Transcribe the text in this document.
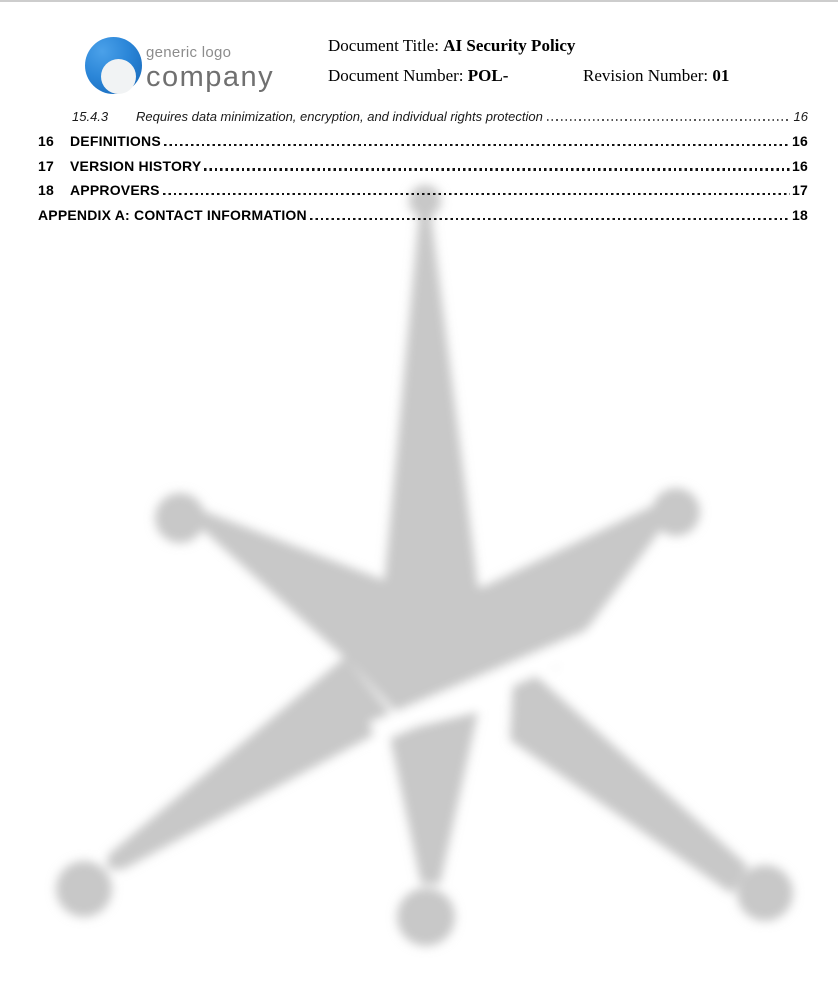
generic logo
company
Document Title: AI Security Policy
Document Number: POL-	Revision Number: 01
15.4.3	Requires data minimization, encryption, and individual rights protection	16
16	DEFINITIONS	16
17	VERSION HISTORY	16
18	APPROVERS	17
APPENDIX A: CONTACT INFORMATION	18
